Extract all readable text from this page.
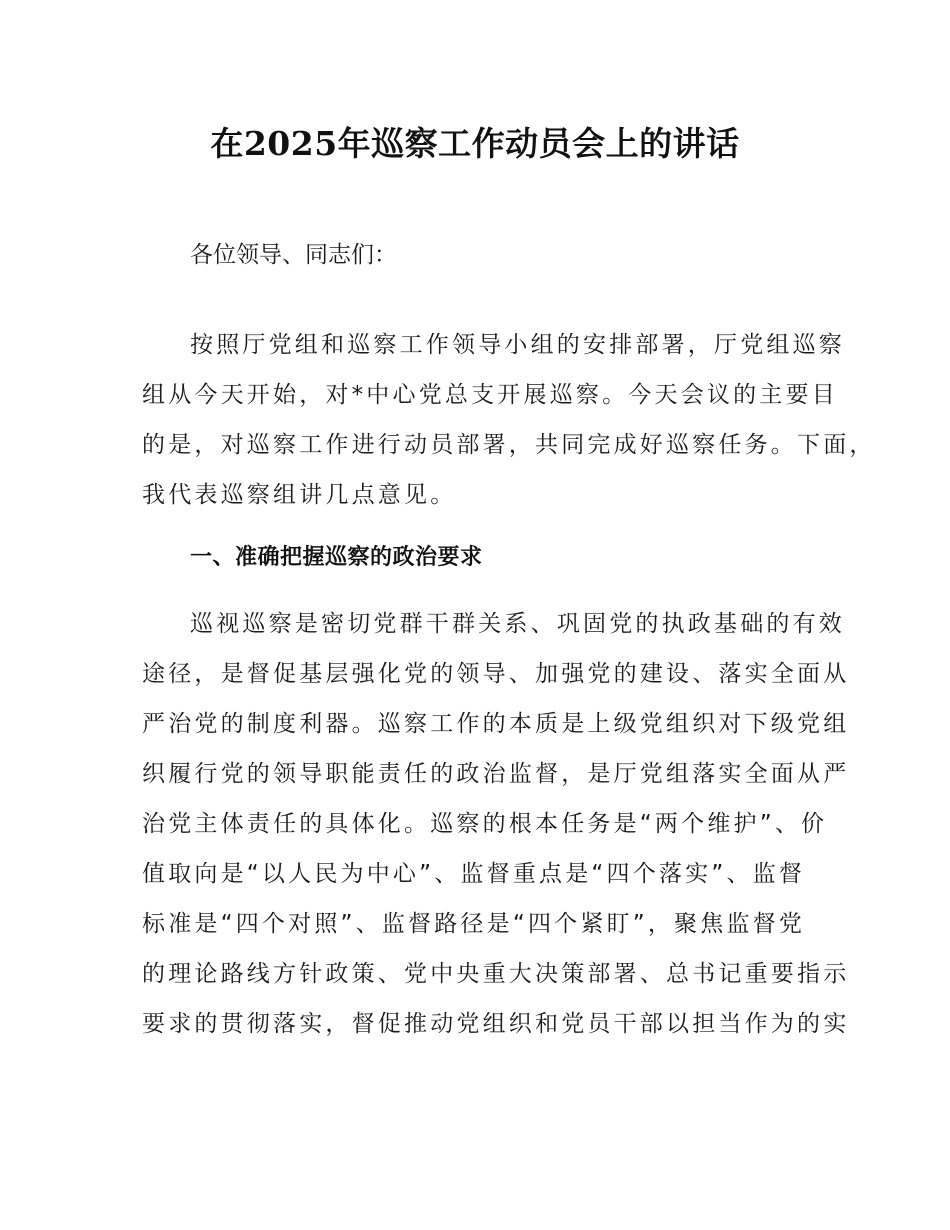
在2025年巡察工作动员会上的讲话

各位领导、同志们：

按照厅党组和巡察工作领导小组的安排部署，厅党组巡察

组从今天开始，对*中心党总支开展巡察。今天会议的主要目

的是，对巡察工作进行动员部署，共同完成好巡察任务。下面，

我代表巡察组讲几点意见。

一、准确把握巡察的政治要求

巡视巡察是密切党群干群关系、巩固党的执政基础的有效

途径，是督促基层强化党的领导、加强党的建设、落实全面从

严治党的制度利器。巡察工作的本质是上级党组织对下级党组

织履行党的领导职能责任的政治监督，是厅党组落实全面从严

治党主体责任的具体化。巡察的根本任务是“两个维护”、价

值取向是“以人民为中心”、监督重点是“四个落实”、监督

标准是“四个对照”、监督路径是“四个紧盯”，聚焦监督党

的理论路线方针政策、党中央重大决策部署、总书记重要指示

要求的贯彻落实，督促推动党组织和党员干部以担当作为的实
